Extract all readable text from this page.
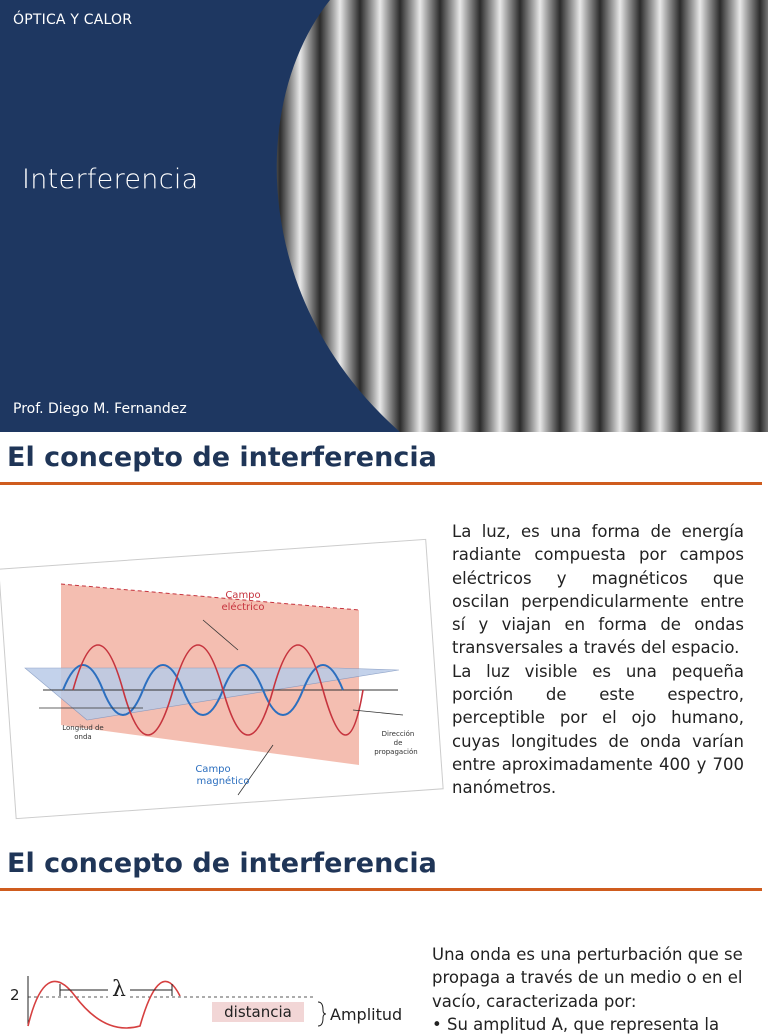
ÓPTICA Y CALOR
Interferencia
Prof. Diego M. Fernandez
El concepto de interferencia
Campo
eléctrico
Campo
magnético
Longitud de
onda	Dirección
de
propagación
La luz, es una forma de energía radiante compuesta por campos eléctricos y magnéticos que oscilan perpendicularmente entre sí y viajan en forma de ondas transversales a través del espacio.
La luz visible es una pequeña porción de este espectro, perceptible por el ojo humano, cuyas longitudes de onda varían entre aproximadamente 400 y 700 nanómetros.
El concepto de interferencia
2	λ
distancia Amplitud
Una onda es una perturbación que se propaga a través de un medio o en el vacío, caracterizada por:
• Su amplitud A, que representa la
